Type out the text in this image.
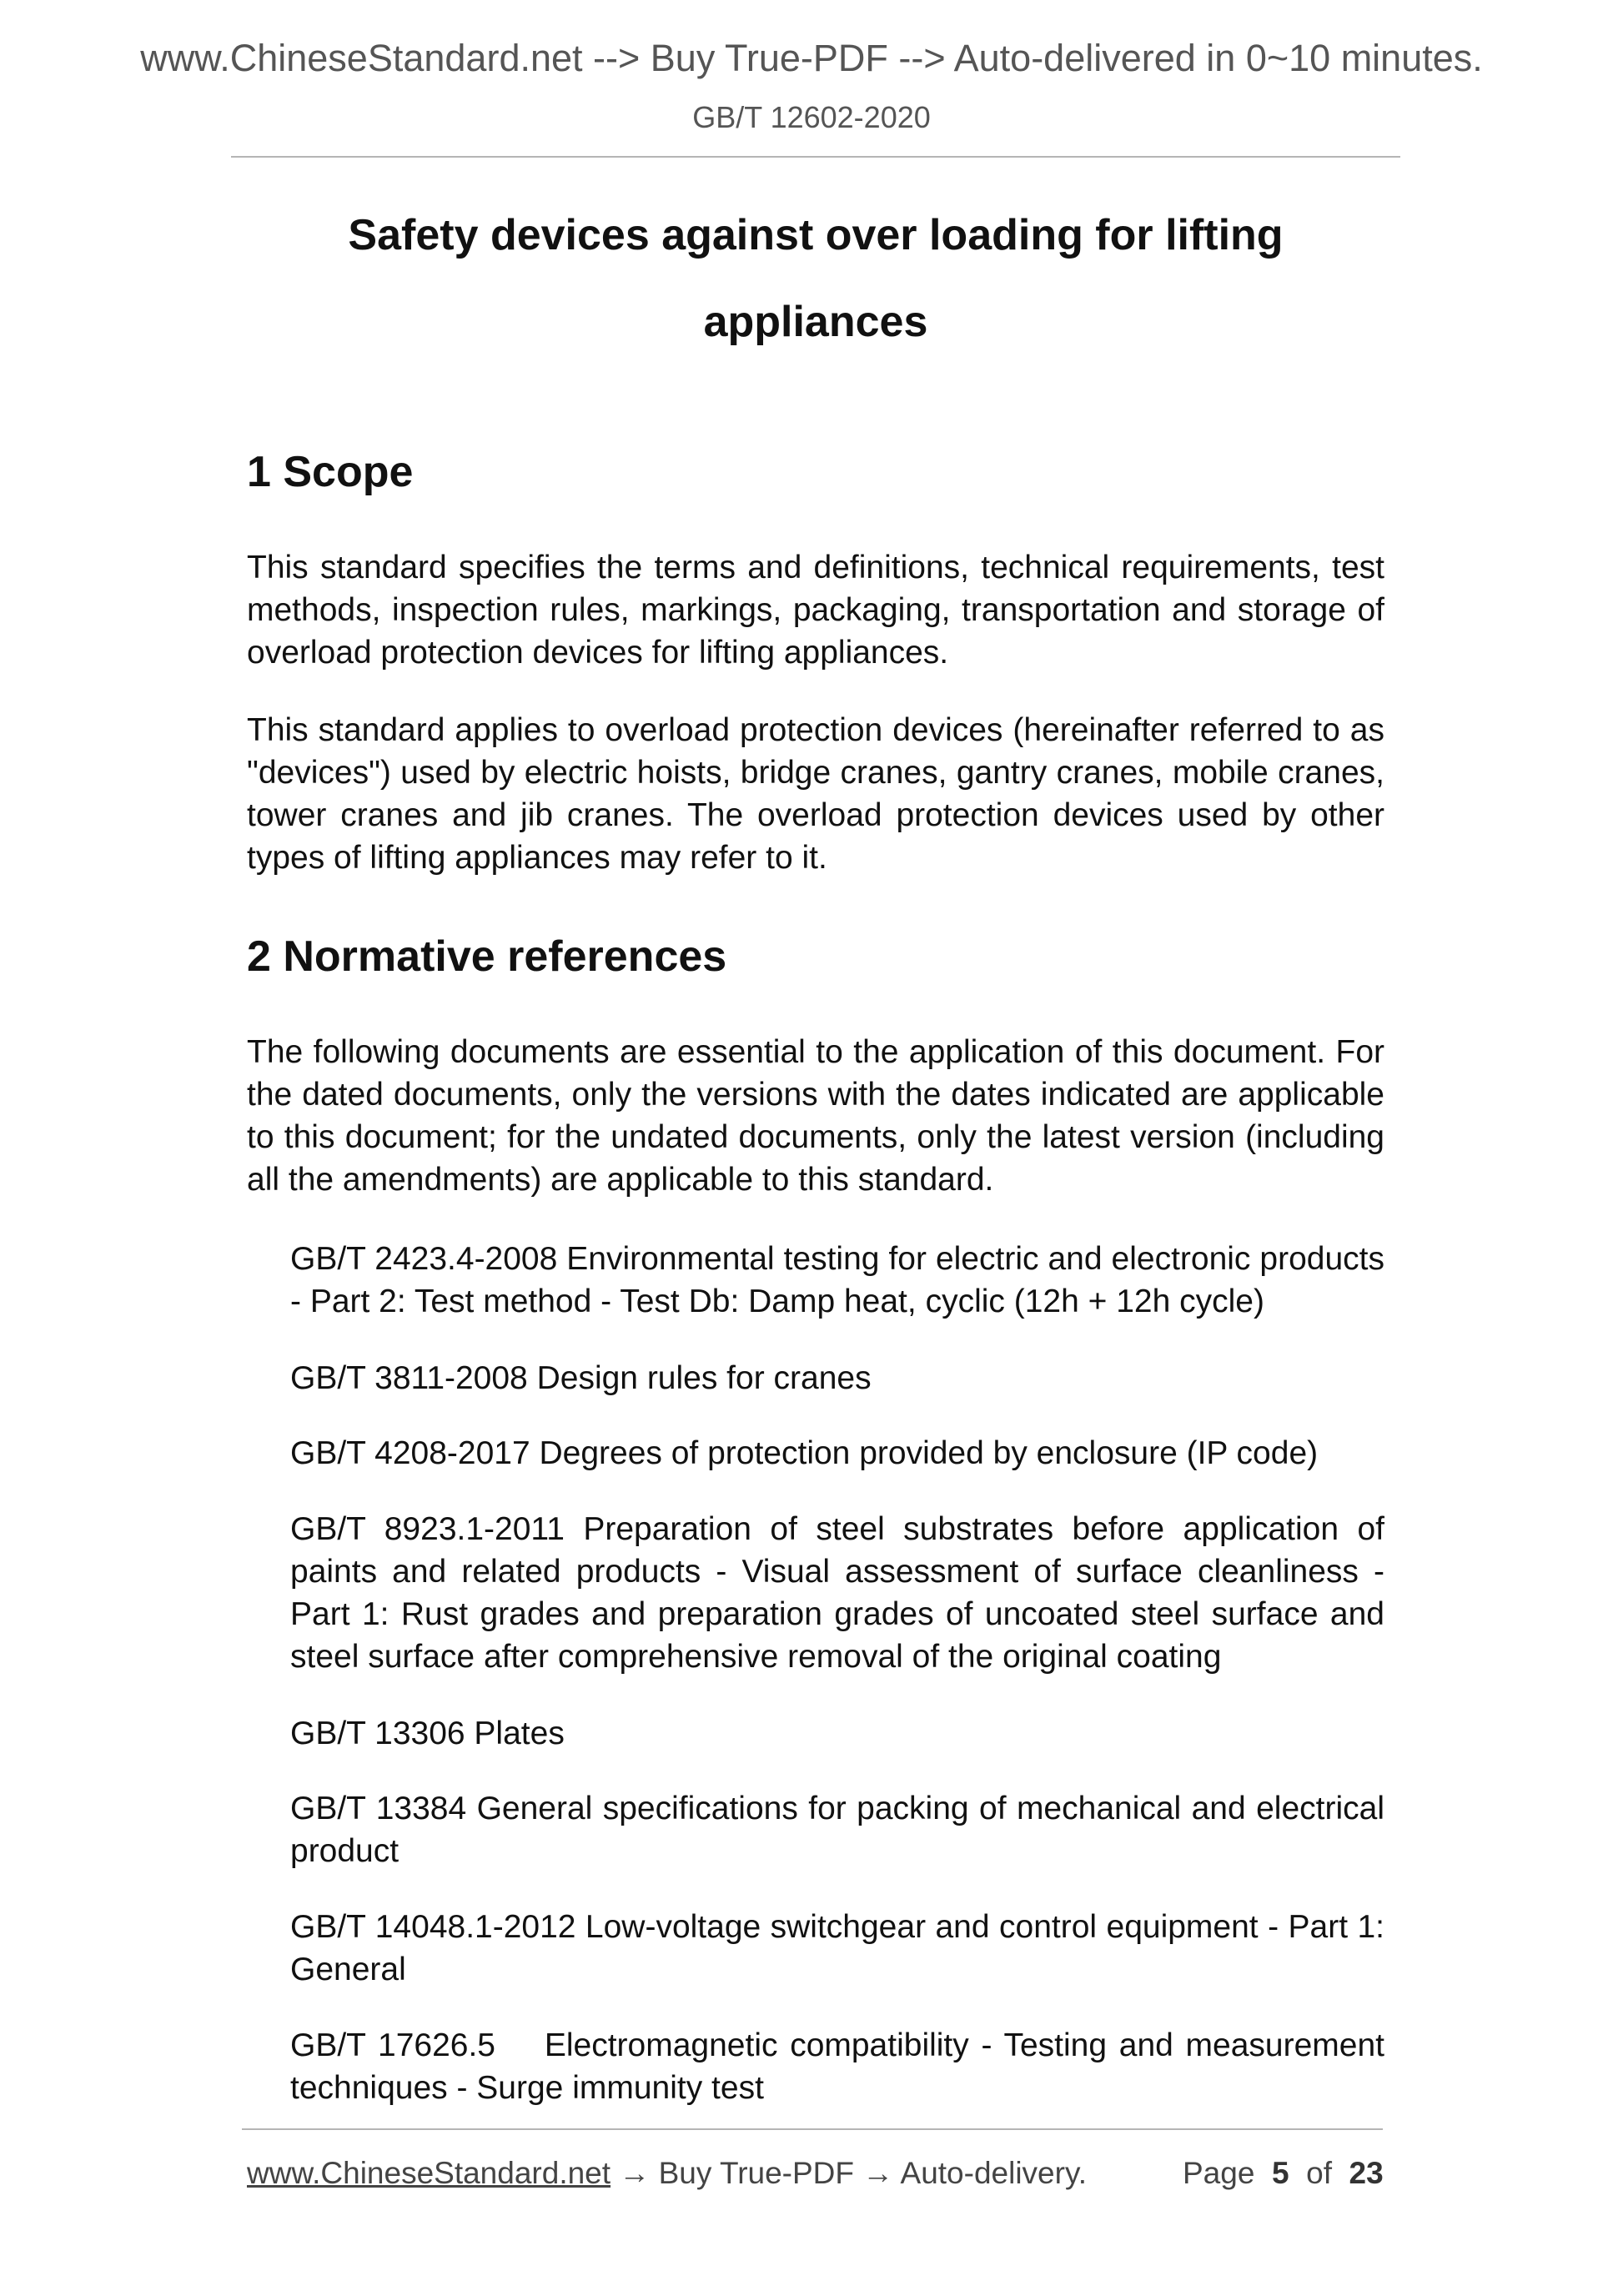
www.ChineseStandard.net --> Buy True-PDF --> Auto-delivered in 0~10 minutes.
GB/T 12602-2020
Safety devices against over loading for lifting appliances
1 Scope
This standard specifies the terms and definitions, technical requirements, test methods, inspection rules, markings, packaging, transportation and storage of overload protection devices for lifting appliances.
This standard applies to overload protection devices (hereinafter referred to as "devices") used by electric hoists, bridge cranes, gantry cranes, mobile cranes, tower cranes and jib cranes. The overload protection devices used by other types of lifting appliances may refer to it.
2 Normative references
The following documents are essential to the application of this document. For the dated documents, only the versions with the dates indicated are applicable to this document; for the undated documents, only the latest version (including all the amendments) are applicable to this standard.
GB/T 2423.4-2008 Environmental testing for electric and electronic products - Part 2: Test method - Test Db: Damp heat, cyclic (12h + 12h cycle)
GB/T 3811-2008 Design rules for cranes
GB/T 4208-2017 Degrees of protection provided by enclosure (IP code)
GB/T 8923.1-2011 Preparation of steel substrates before application of paints and related products - Visual assessment of surface cleanliness - Part 1: Rust grades and preparation grades of uncoated steel surface and steel surface after comprehensive removal of the original coating
GB/T 13306 Plates
GB/T 13384 General specifications for packing of mechanical and electrical product
GB/T 14048.1-2012 Low-voltage switchgear and control equipment - Part 1: General
GB/T 17626.5    Electromagnetic compatibility - Testing and measurement techniques - Surge immunity test
www.ChineseStandard.net → Buy True-PDF → Auto-delivery.	Page 5 of 23
